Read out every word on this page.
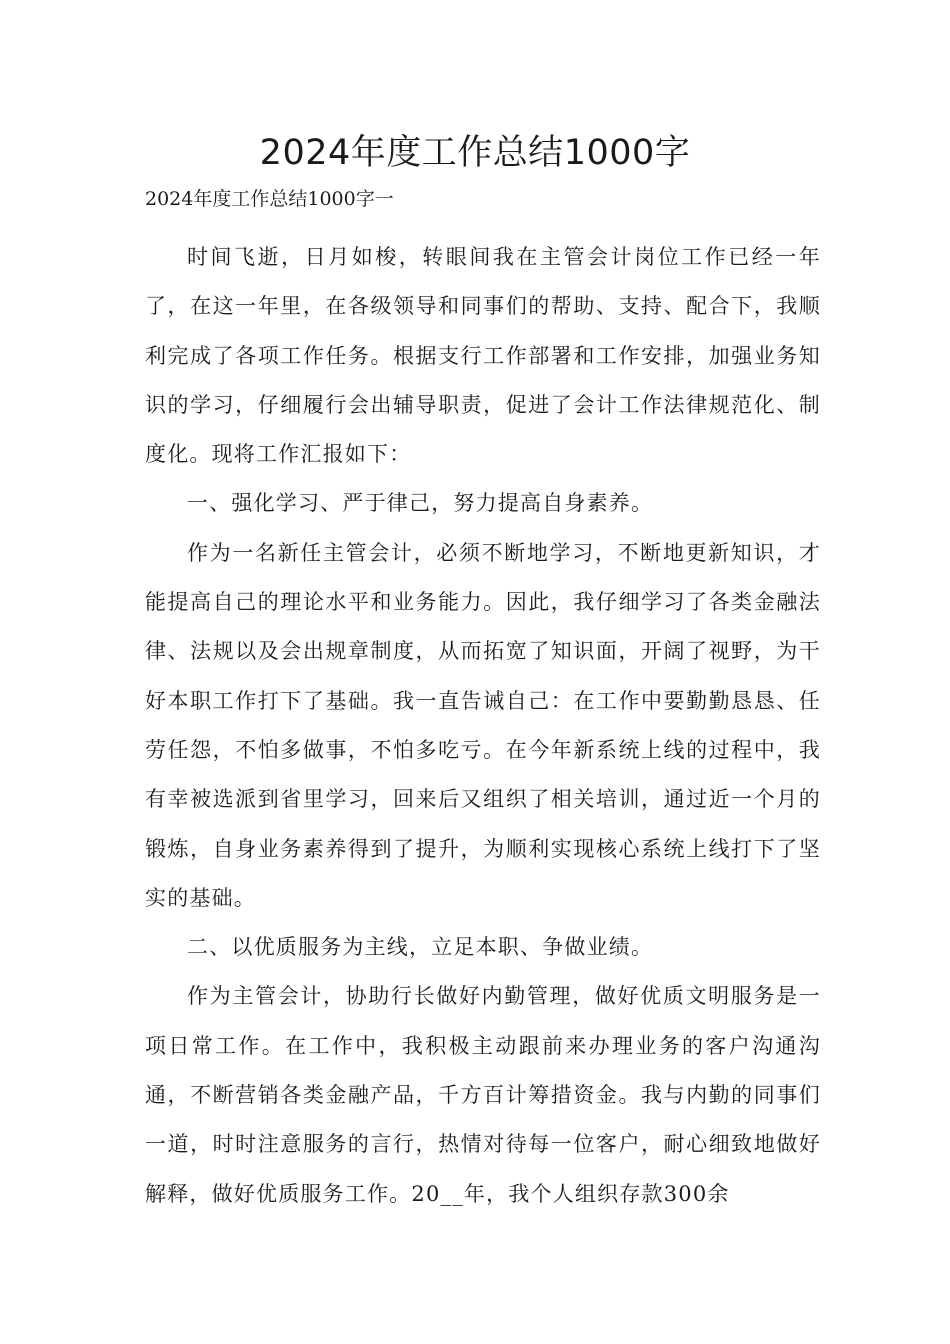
2024年度工作总结1000字

2024年度工作总结1000字一

时间飞逝，日月如梭，转眼间我在主管会计岗位工作已经一年了，在这一年里，在各级领导和同事们的帮助、支持、配合下，我顺利完成了各项工作任务。根据支行工作部署和工作安排，加强业务知识的学习，仔细履行会出辅导职责，促进了会计工作法律规范化、制度化。现将工作汇报如下：

一、强化学习、严于律己，努力提高自身素养。

作为一名新任主管会计，必须不断地学习，不断地更新知识，才能提高自己的理论水平和业务能力。因此，我仔细学习了各类金融法律、法规以及会出规章制度，从而拓宽了知识面，开阔了视野，为干好本职工作打下了基础。我一直告诫自己：在工作中要勤勤恳恳、任劳任怨，不怕多做事，不怕多吃亏。在今年新系统上线的过程中，我有幸被选派到省里学习，回来后又组织了相关培训，通过近一个月的锻炼，自身业务素养得到了提升，为顺利实现核心系统上线打下了坚实的基础。

二、以优质服务为主线，立足本职、争做业绩。

作为主管会计，协助行长做好内勤管理，做好优质文明服务是一项日常工作。在工作中，我积极主动跟前来办理业务的客户沟通沟通，不断营销各类金融产品，千方百计筹措资金。我与内勤的同事们一道，时时注意服务的言行，热情对待每一位客户，耐心细致地做好解释，做好优质服务工作。20__年，我个人组织存款300余
